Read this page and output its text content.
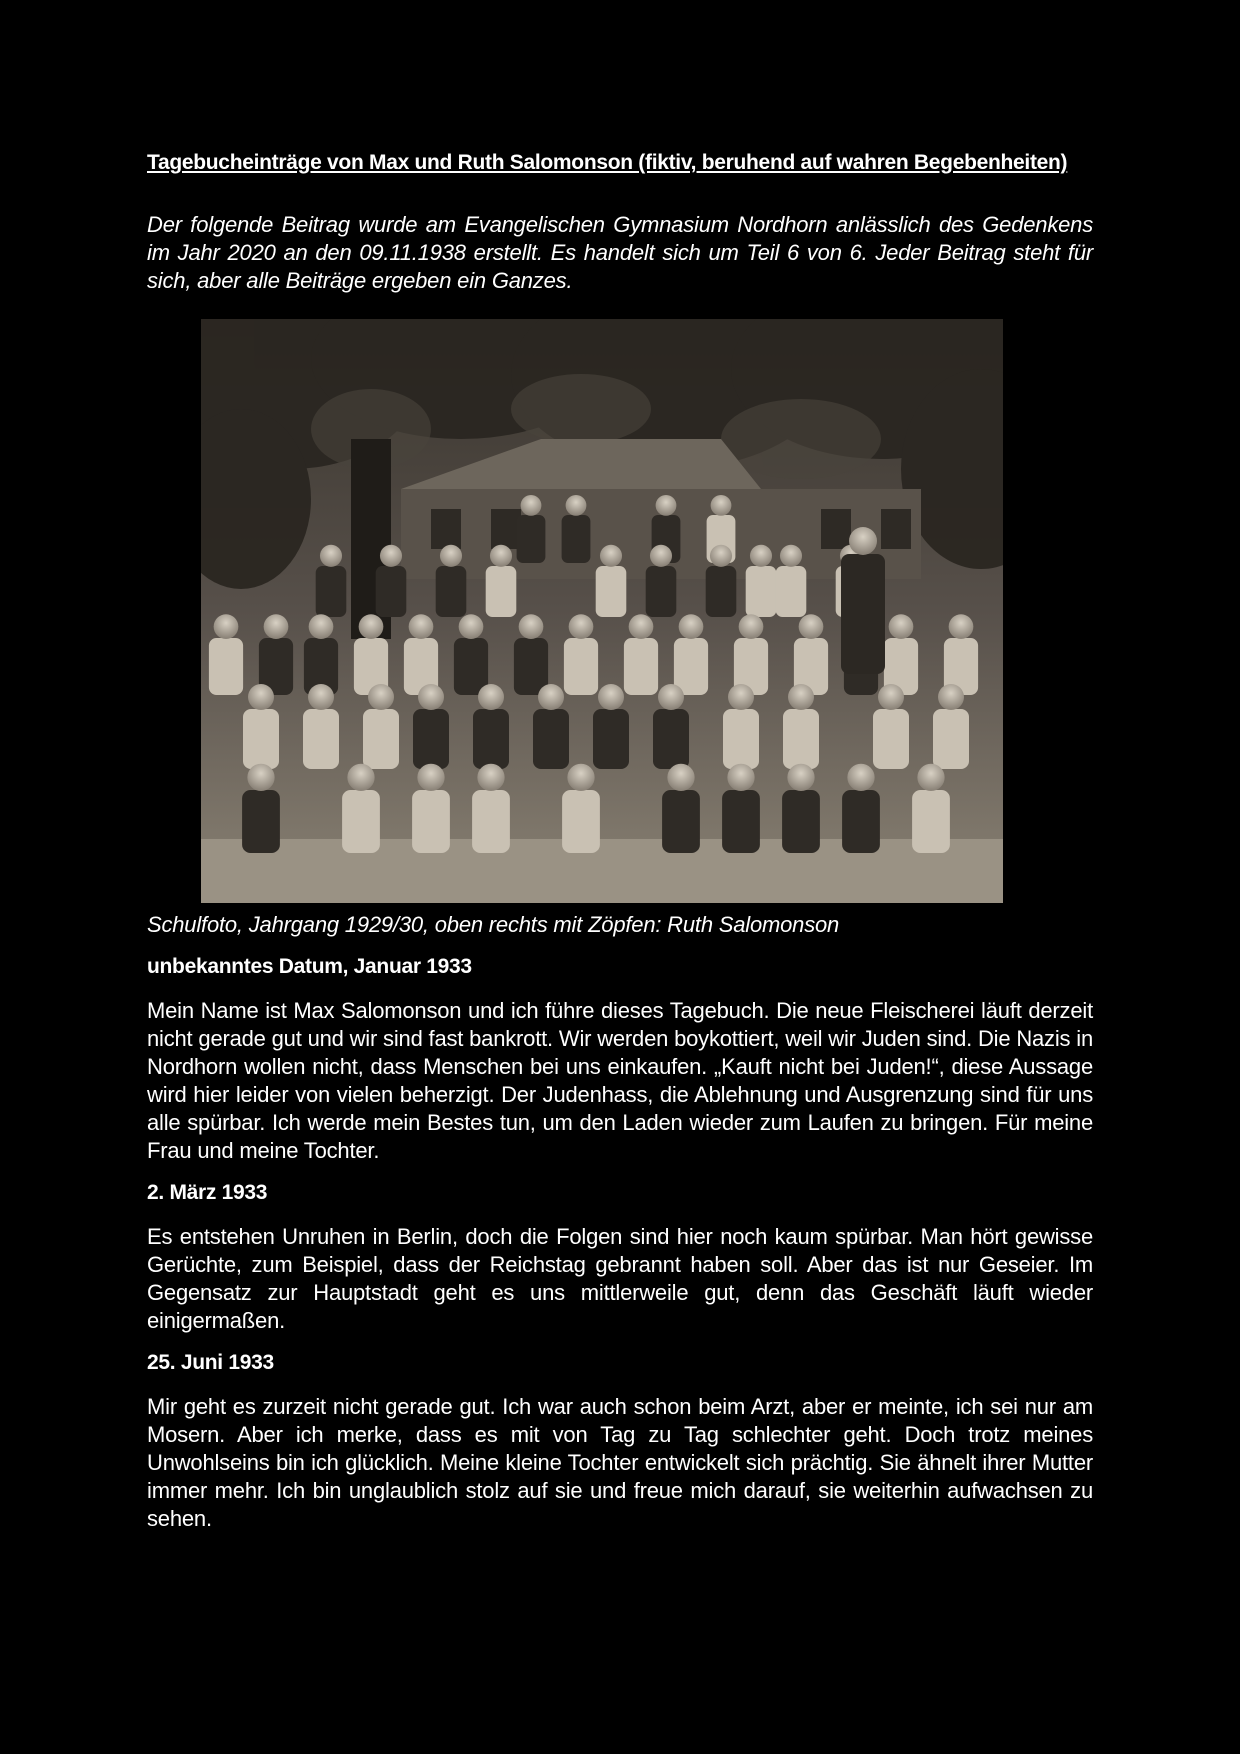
Tagebucheinträge von Max und Ruth Salomonson (fiktiv, beruhend auf wahren Begebenheiten)

Der folgende Beitrag wurde am Evangelischen Gymnasium Nordhorn anlässlich des Gedenkens im Jahr 2020 an den 09.11.1938 erstellt. Es handelt sich um Teil 6 von 6. Jeder Beitrag steht für sich, aber alle Beiträge ergeben ein Ganzes.

Schulfoto, Jahrgang 1929/30, oben rechts mit Zöpfen: Ruth Salomonson

unbekanntes Datum, Januar 1933

Mein Name ist Max Salomonson und ich führe dieses Tagebuch. Die neue Fleischerei läuft derzeit nicht gerade gut und wir sind fast bankrott. Wir werden boykottiert, weil wir Juden sind. Die Nazis in Nordhorn wollen nicht, dass Menschen bei uns einkaufen. „Kauft nicht bei Juden!“, diese Aussage wird hier leider von vielen beherzigt. Der Judenhass, die Ablehnung und Ausgrenzung sind für uns alle spürbar. Ich werde mein Bestes tun, um den Laden wieder zum Laufen zu bringen. Für meine Frau und meine Tochter.

2. März 1933

Es entstehen Unruhen in Berlin, doch die Folgen sind hier noch kaum spürbar. Man hört gewisse Gerüchte, zum Beispiel, dass der Reichstag gebrannt haben soll. Aber das ist nur Geseier. Im Gegensatz zur Hauptstadt geht es uns mittlerweile gut, denn das Geschäft läuft wieder einigermaßen.

25. Juni 1933

Mir geht es zurzeit nicht gerade gut. Ich war auch schon beim Arzt, aber er meinte, ich sei nur am Mosern. Aber ich merke, dass es mit von Tag zu Tag schlechter geht. Doch trotz meines Unwohlseins bin ich glücklich. Meine kleine Tochter entwickelt sich prächtig. Sie ähnelt ihrer Mutter immer mehr. Ich bin unglaublich stolz auf sie und freue mich darauf, sie weiterhin aufwachsen zu sehen.
